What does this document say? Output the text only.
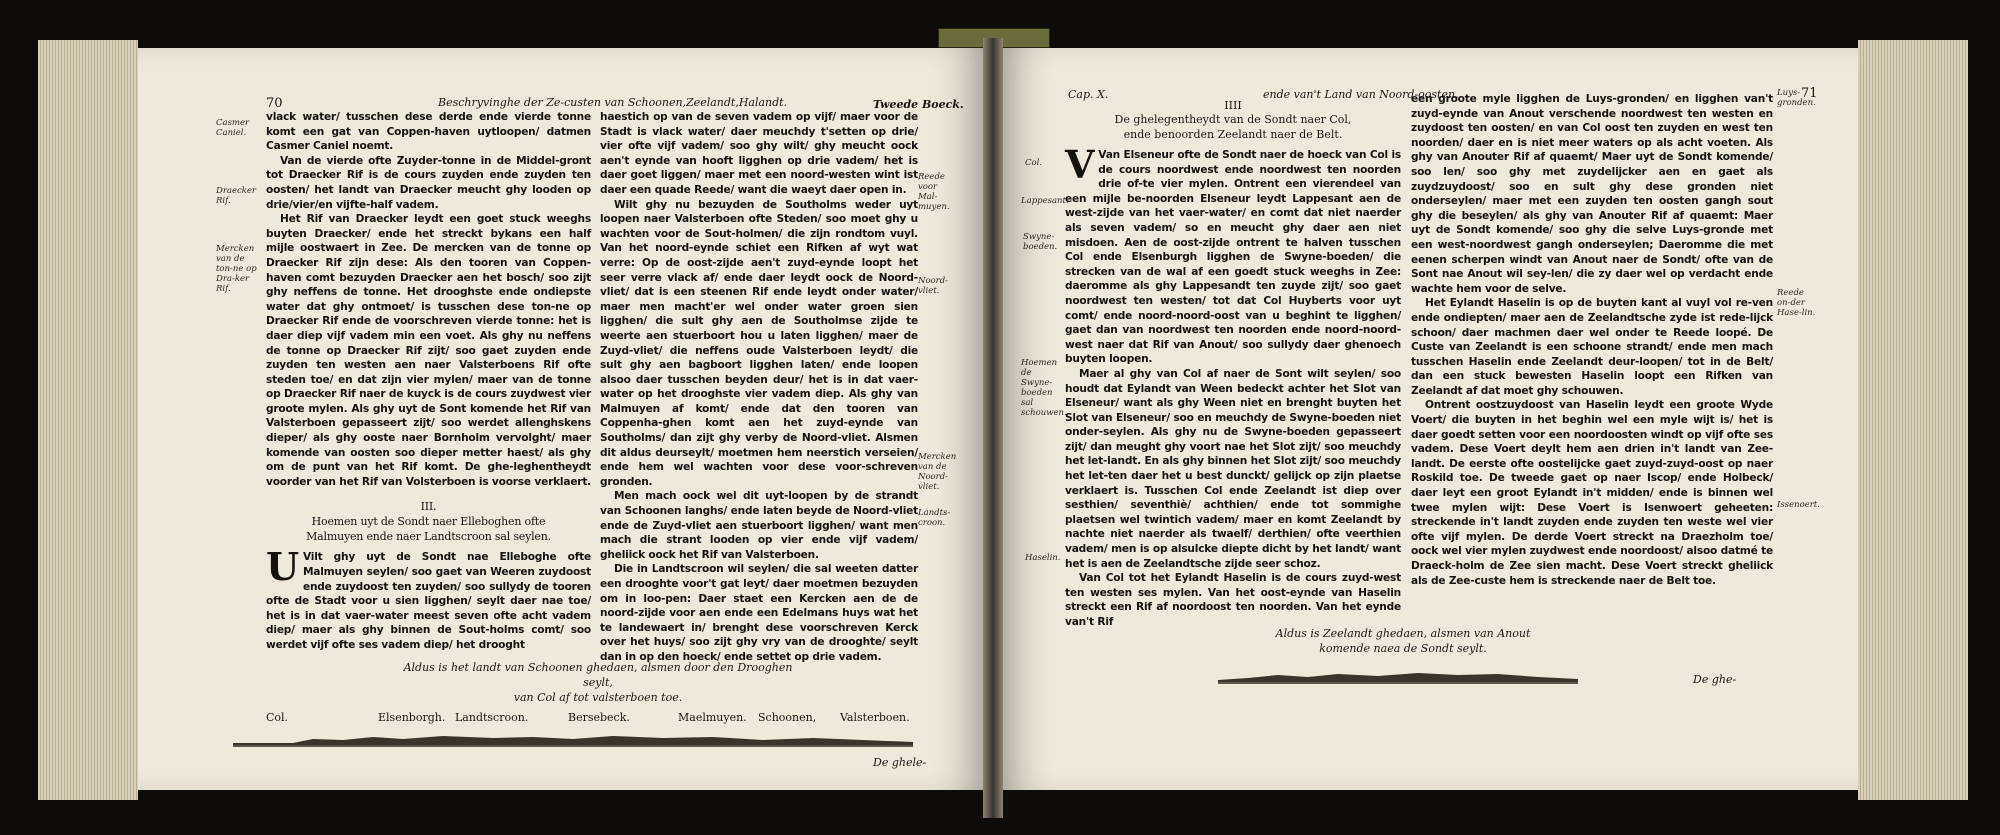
70	Beschryvinghe der Ze-custen van Schoonen,Zeelandt,Halandt.	Tweede Boeck.
Casmer Caniel.
Draecker Rif.
Mercken van de ton-ne op Dra-ker Rif.
Reede voor Mal-muyen.
Noord-vliet.
Mercken van de Noord-vliet.
Landts-croon.

vlack water/ tusschen dese derde ende vierde tonne komt een gat van Coppen-haven uytloopen/ datmen Casmer Caniel noemt.

Van de vierde ofte Zuyder-tonne in de Middel-gront tot Draecker Rif is de cours zuyden ende zuyden ten oosten/ het landt van Draecker meucht ghy looden op drie/vier/en vijfte-half vadem.

Het Rif van Draecker leydt een goet stuck weeghs buyten Draecker/ ende het streckt bykans een half mijle oostwaert in Zee. De mercken van de tonne op Draecker Rif zijn dese: Als den tooren van Coppen-haven comt bezuyden Draecker aen het bosch/ soo zijt ghy neffens de tonne. Het drooghste ende ondiepste water dat ghy ontmoet/ is tusschen dese ton-ne op Draecker Rif ende de voorschreven vierde tonne: het is daer diep vijf vadem min een voet. Als ghy nu neffens de tonne op Draecker Rif zijt/ soo gaet zuyden ende zuyden ten westen aen naer Valsterboens Rif ofte steden toe/ en dat zijn vier mylen/ maer van de tonne op Draecker Rif naer de kuyck is de cours zuydwest vier groote mylen. Als ghy uyt de Sont komende het Rif van Valsterboen gepasseert zijt/ soo werdet allenghskens dieper/ als ghy ooste naer Bornholm vervolght/ maer komende van oosten soo dieper metter haest/ als ghy om de punt van het Rif komt. De ghe-leghentheydt voorder van het Rif van Volsterboen is voorse verklaert.

III.
Hoemen uyt de Sondt naer Elleboghen ofte Malmuyen ende naer Landtscroon sal seylen.

U Vilt ghy uyt de Sondt nae Elleboghe ofte Malmuyen seylen/ soo gaet van Weeren zuydoost ende zuydoost ten zuyden/ soo sullydy de tooren ofte de Stadt voor u sien ligghen/ seylt daer nae toe/ het is in dat vaer-water meest seven ofte acht vadem diep/ maer als ghy binnen de Sout-holms comt/ soo werdet vijf ofte ses vadem diep/ het drooght

haestich op van de seven vadem op vijf/ maer voor de Stadt is vlack water/ daer meuchdy t'setten op drie/ vier ofte vijf vadem/ soo ghy wilt/ ghy meucht oock aen't eynde van hooft ligghen op drie vadem/ het is daer goet liggen/ maer met een noord-westen wint ist daer een quade Reede/ want die waeyt daer open in.

Wilt ghy nu bezuyden de Southolms weder uyt loopen naer Valsterboen ofte Steden/ soo moet ghy u wachten voor de Sout-holmen/ die zijn rondtom vuyl. Van het noord-eynde schiet een Rifken af wyt wat verre: Op de oost-zijde aen't zuyd-eynde loopt het seer verre vlack af/ ende daer leydt oock de Noord-vliet/ dat is een steenen Rif ende leydt onder water/ maer men macht'er wel onder water groen sien ligghen/ die sult ghy aen de Southolmse zijde te weerte aen stuerboort hou u laten ligghen/ maer de Zuyd-vliet/ die neffens oude Valsterboen leydt/ die sult ghy aen bagboort ligghen laten/ ende loopen alsoo daer tusschen beyden deur/ het is in dat vaer-water op het drooghste vier vadem diep. Als ghy van Malmuyen af komt/ ende dat den tooren van Coppenha-ghen komt aen het zuyd-eynde van Southolms/ dan zijt ghy verby de Noord-vliet. Alsmen dit aldus deurseylt/ moetmen hem neerstich verseien/ ende hem wel wachten voor dese voor-schreven gronden.

Men mach oock wel dit uyt-loopen by de strandt van Schoonen langhs/ ende laten beyde de Noord-vliet ende de Zuyd-vliet aen stuerboort ligghen/ want men mach die strant looden op vier ende vijf vadem/ gheliick oock het Rif van Valsterboen.

Die in Landtscroon wil seylen/ die sal weeten datter een drooghte voor't gat leyt/ daer moetmen bezuyden om in loo-pen: Daer staet een Kercken aen de de noord-zijde voor aen ende een Edelmans huys wat het te landewaert in/ brenght dese voorschreven Kerck over het huys/ soo zijt ghy vry van de drooghte/ seylt dan in op den hoeck/ ende settet op drie vadem.

Aldus is het landt van Schoonen ghedaen, alsmen door den Drooghen seylt,
van Col af tot valsterboen toe.
Col.	Elsenborgh. Landtscroon.	Bersebeck.	Maelmuyen. Schoonen, Valsterboen.
De ghele-
Cap. X.	ende van't Land van Noord-oosten.	71
IIII
De ghelegentheydt van de Sondt naer Col, ende benoorden Zeelandt naer de Belt.
Col.
Lappesant.
Swyne-boeden.
Hoemen de Swyne-boeden sal schouwen.
Haselin.
Luys-gronden.
Reede on-der Hase-lin.
Issenoert.

V Van Elseneur ofte de Sondt naer de hoeck van Col is de cours noordwest ende noordwest ten noorden drie of-te vier mylen. Ontrent een vierendeel van een mijle be-noorden Elseneur leydt Lappesant aen de west-zijde van het vaer-water/ en comt dat niet naerder als seven vadem/ so en meucht ghy daer aen niet misdoen. Aen de oost-zijde ontrent te halven tusschen Col ende Elsenburgh ligghen de Swyne-boeden/ die strecken van de wal af een goedt stuck weeghs in Zee: daeromme als ghy Lappesandt ten zuyde zijt/ soo gaet noordwest ten westen/ tot dat Col Huyberts voor uyt comt/ ende noord-noord-oost van u beghint te ligghen/ gaet dan van noordwest ten noorden ende noord-noord-west naer dat Rif van Anout/ soo sullydy daer ghenoech buyten loopen.

Maer al ghy van Col af naer de Sont wilt seylen/ soo houdt dat Eylandt van Ween bedeckt achter het Slot van Elseneur/ want als ghy Ween niet en brenght buyten het Slot van Elseneur/ soo en meuchdy de Swyne-boeden niet onder-seylen. Als ghy nu de Swyne-boeden gepasseert zijt/ dan meught ghy voort nae het Slot zijt/ soo meuchdy het let-landt. En als ghy binnen het Slot zijt/ soo meuchdy het let-ten daer het u best dunckt/ gelijck op zijn plaetse verklaert is. Tusschen Col ende Zeelandt ist diep over sesthien/ seventhiè/ achthien/ ende tot sommighe plaetsen wel twintich vadem/ maer en komt Zeelandt by nachte niet naerder als twaelf/ derthien/ ofte veerthien vadem/ men is op alsulcke diepte dicht by het landt/ want het is aen de Zeelandtsche zijde seer schoz.

Van Col tot het Eylandt Haselin is de cours zuyd-west ten westen ses mylen. Van het oost-eynde van Haselin streckt een Rif af noordoost ten noorden. Van het eynde van't Rif

een groote myle ligghen de Luys-gronden/ en ligghen van't zuyd-eynde van Anout verschende noordwest ten westen en zuydoost ten oosten/ en van Col oost ten zuyden en west ten noorden/ daer en is niet meer waters op als acht voeten. Als ghy van Anouter Rif af quaemt/ Maer uyt de Sondt komende/ soo len/ soo ghy met zuydelijcker aen en gaet als zuydzuydoost/ soo en sult ghy dese gronden niet onderseylen/ maer met een zuyden ten oosten gangh sout ghy die beseylen/ als ghy van Anouter Rif af quaemt: Maer uyt de Sondt komende/ soo ghy die selve Luys-gronde met een west-noordwest gangh onderseylen; Daeromme die met eenen scherpen windt van Anout naer de Sondt/ ofte van de Sont nae Anout wil sey-len/ die zy daer wel op verdacht ende wachte hem voor de selve.

Het Eylandt Haselin is op de buyten kant al vuyl vol re-ven ende ondiepten/ maer aen de Zeelandtsche zyde ist rede-lijck schoon/ daer machmen daer wel onder te Reede loopé. De Custe van Zeelandt is een schoone strandt/ ende men mach tusschen Haselin ende Zeelandt deur-loopen/ tot in de Belt/ dan een stuck bewesten Haselin loopt een Rifken van Zeelandt af dat moet ghy schouwen.

Ontrent oostzuydoost van Haselin leydt een groote Wyde Voert/ die buyten in het beghin wel een myle wijt is/ het is daer goedt setten voor een noordoosten windt op vijf ofte ses vadem. Dese Voert deylt hem aen drien in't landt van Zee-landt. De eerste ofte oostelijcke gaet zuyd-zuyd-oost op naer Roskild toe. De tweede gaet op naer Iscop/ ende Holbeck/ daer leyt een groot Eylandt in't midden/ ende is binnen wel twee mylen wijt: Dese Voert is Isenwoert geheeten: streckende in't landt zuyden ende zuyden ten weste wel vier ofte vijf mylen. De derde Voert streckt na Draezholm toe/ oock wel vier mylen zuydwest ende noordoost/ alsoo datmé te Draeck-holm de Zee sien macht. Dese Voert streckt gheliick als de Zee-custe hem is streckende naer de Belt toe.

Aldus is Zeelandt ghedaen, alsmen van Anout
komende naea de Sondt seylt.
De ghe-
